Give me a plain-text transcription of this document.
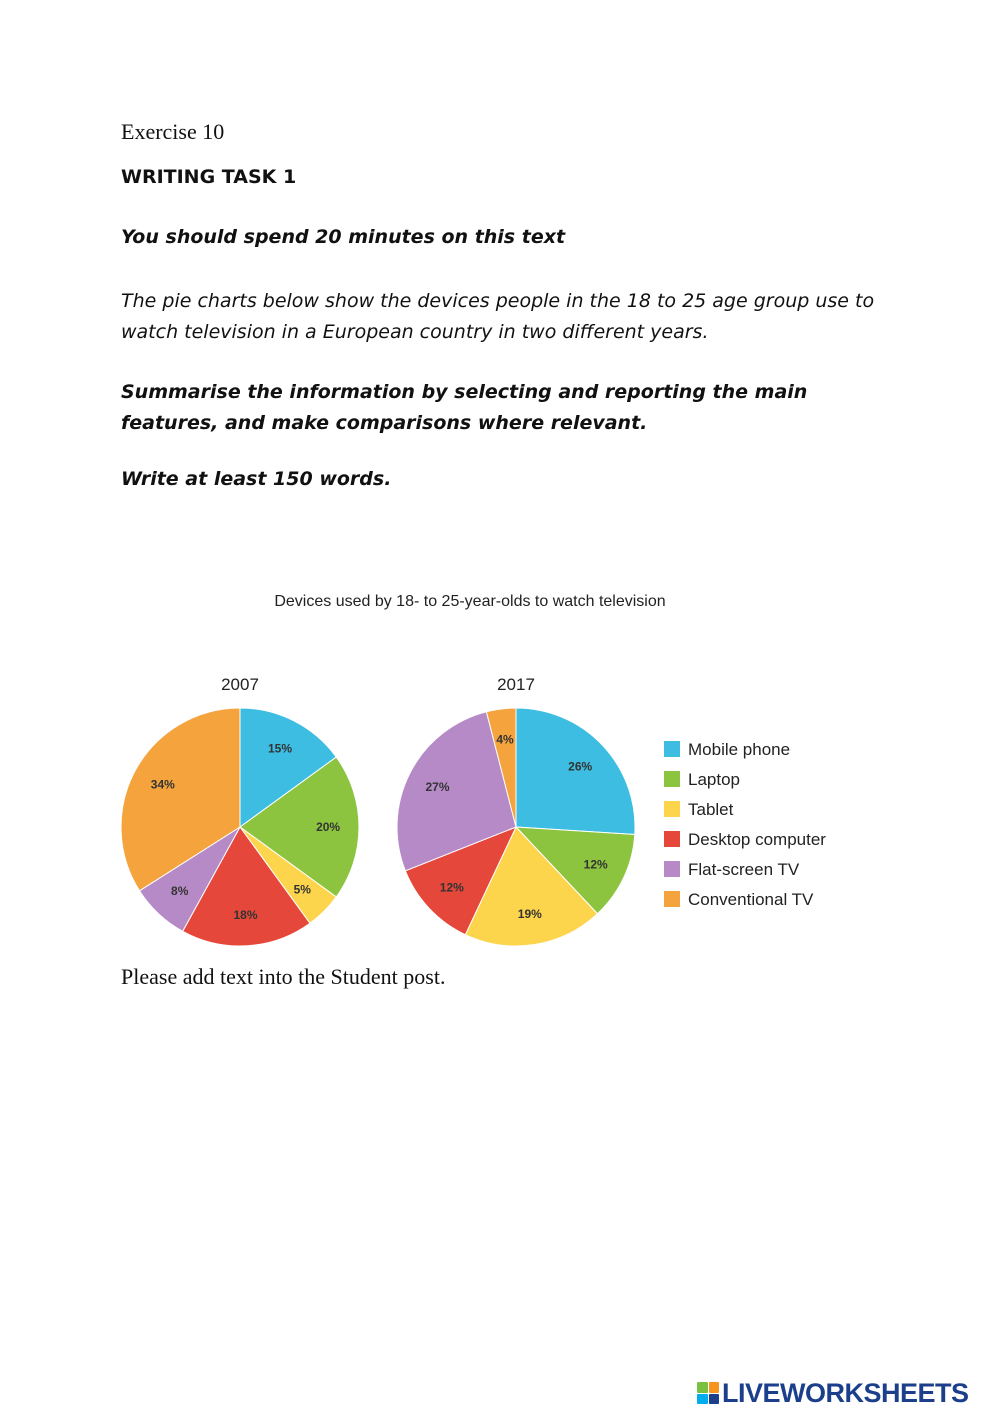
Exercise 10

WRITING TASK 1

You should spend 20 minutes on this text

The pie charts below show the devices people in the 18 to 25 age group use to watch television in a European country in two different years.

Summarise the information by selecting and reporting the main features, and make comparisons where relevant.

Write at least 150 words.

Devices used by 18- to 25-year-olds to watch television
2007
15%
20%
5%
18%
8%
34%
2017
26%
12%
19%
12%
27%
4%
Mobile phone
Laptop
Tablet
Desktop computer
Flat-screen TV
Conventional TV

Please add text into the Student post.

LIVEWORKSHEETS
